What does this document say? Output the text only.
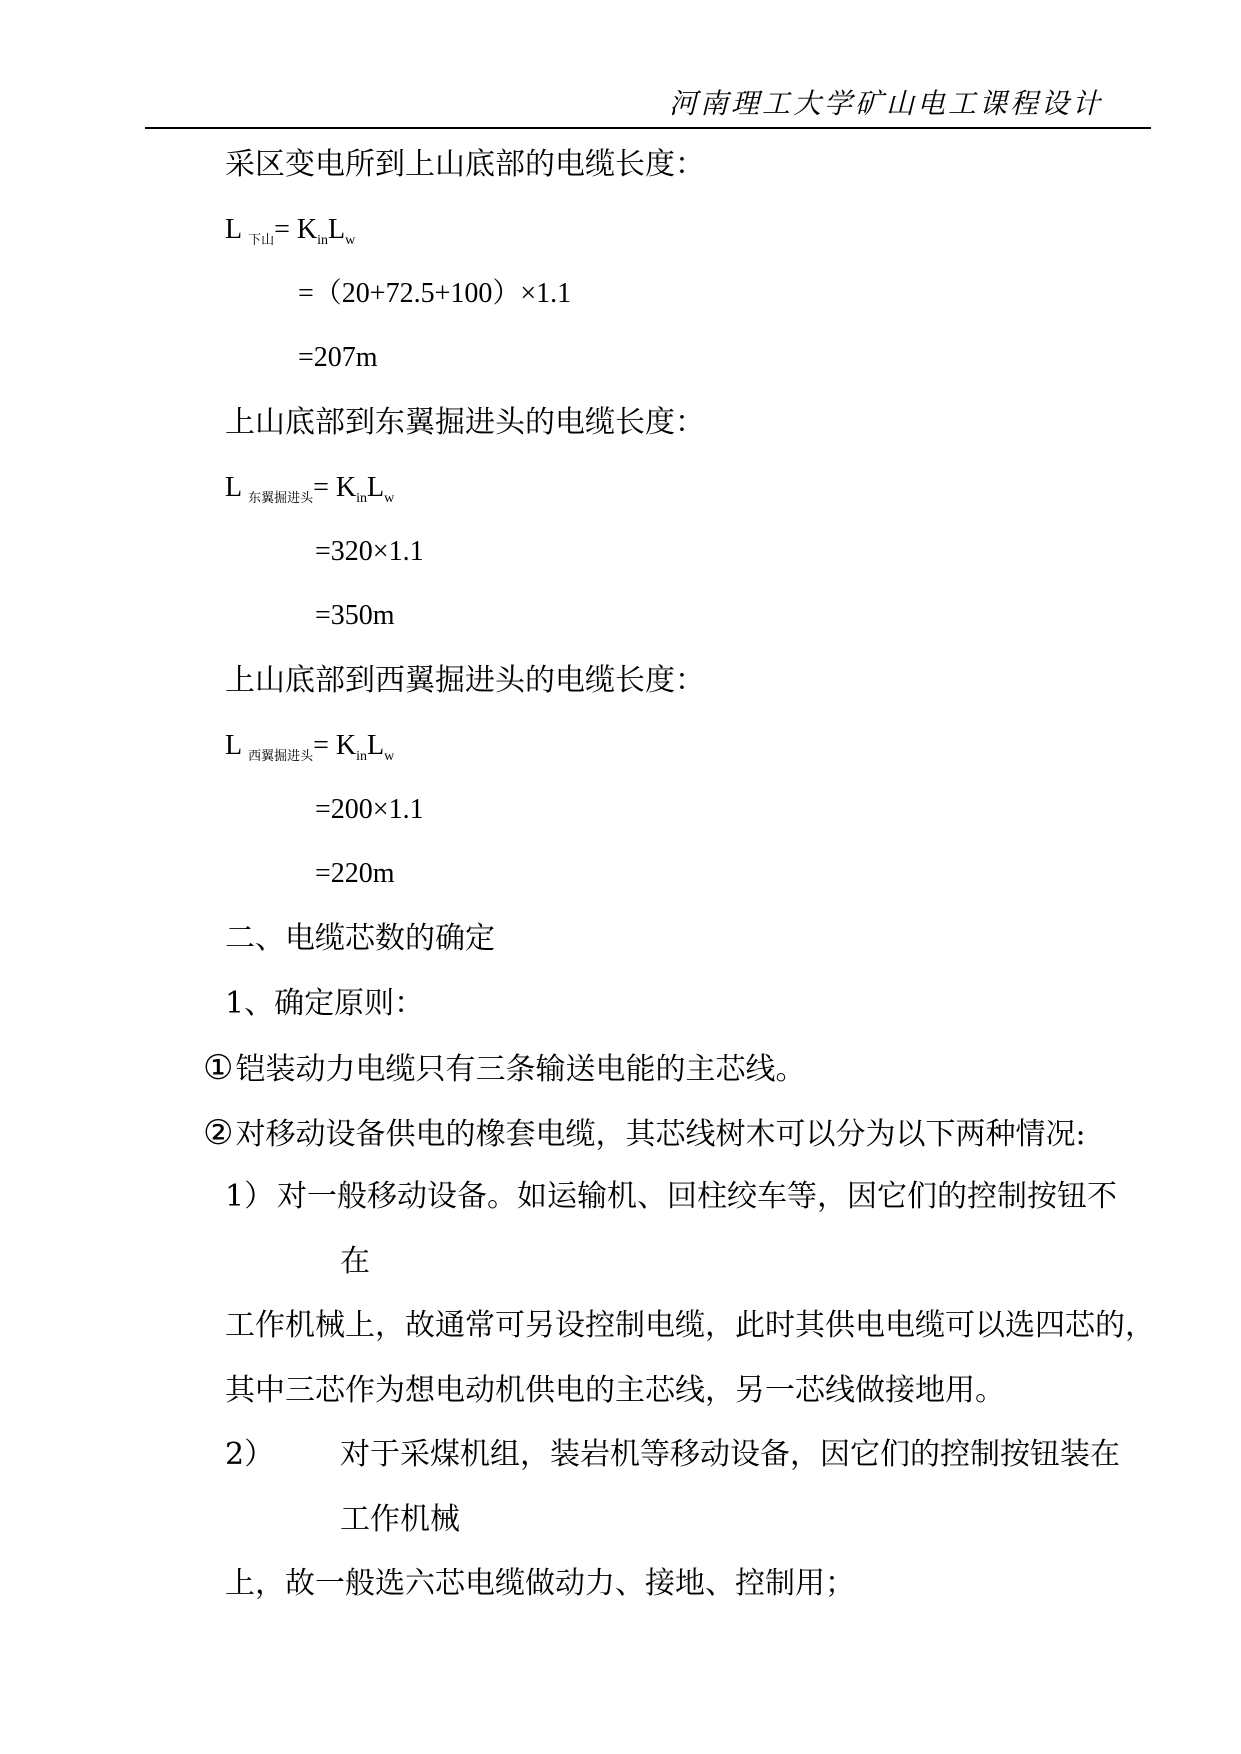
河南理工大学矿山电工课程设计
采区变电所到上山底部的电缆长度：
L $_{下山}= K_{in}L_w$
=（20+72.5+100）×1.1
=207m
上山底部到东翼掘进头的电缆长度：
L $_{东翼掘进头}= K_{in}L_w$
=320×1.1
=350m
上山底部到西翼掘进头的电缆长度：
L $_{西翼掘进头}= K_{in}L_w$
=200×1.1
=220m
二、电缆芯数的确定
1、确定原则：
①铠装动力电缆只有三条输送电能的主芯线。
②对移动设备供电的橡套电缆，其芯线树木可以分为以下两种情况:
1）对一般移动设备。如运输机、回柱绞车等，因它们的控制按钮不
在
工作机械上，故通常可另设控制电缆，此时其供电电缆可以选四芯的，
其中三芯作为想电动机供电的主芯线，另一芯线做接地用。
2） 对于采煤机组，装岩机等移动设备，因它们的控制按钮装在
工作机械
上，故一般选六芯电缆做动力、接地、控制用；
